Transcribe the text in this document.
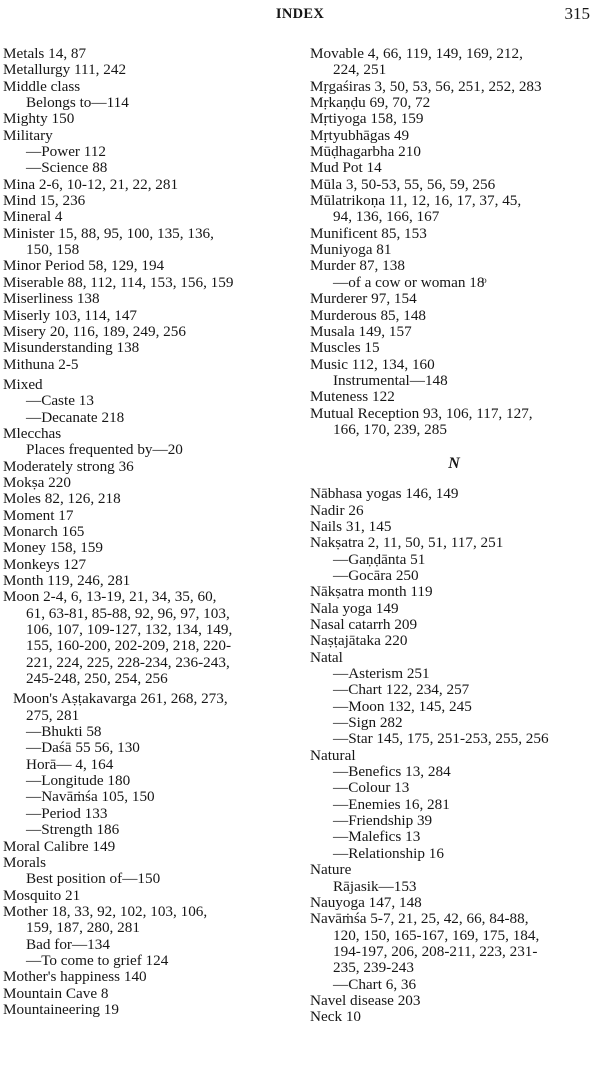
INDEX	315
Metals 14, 87
Metallurgy 111, 242
Middle class
Belongs to—114
Mighty 150
Military
—Power 112
—Science 88
Mina 2-6, 10-12, 21, 22, 281
Mind 15, 236
Mineral 4
Minister 15, 88, 95, 100, 135, 136,
150, 158
Minor Period 58, 129, 194
Miserable 88, 112, 114, 153, 156, 159
Miserliness 138
Miserly 103, 114, 147
Misery 20, 116, 189, 249, 256
Misunderstanding 138
Mithuna 2-5
Mixed
—Caste 13
—Decanate 218
Mlecchas
Places frequented by—20
Moderately strong 36
Mokṣa 220
Moles 82, 126, 218
Moment 17
Monarch 165
Money 158, 159
Monkeys 127
Month 119, 246, 281
Moon 2-4, 6, 13-19, 21, 34, 35, 60,
61, 63-81, 85-88, 92, 96, 97, 103,
106, 107, 109-127, 132, 134, 149,
155, 160-200, 202-209, 218, 220-
221, 224, 225, 228-234, 236-243,
245-248, 250, 254, 256
Moon's Aṣṭakavarga 261, 268, 273,
275, 281
—Bhukti 58
—Daśā 55 56, 130
Horā— 4, 164
—Longitude 180
—Navāṁśa 105, 150
—Period 133
—Strength 186
Moral Calibre 149
Morals
Best position of—150
Mosquito 21
Mother 18, 33, 92, 102, 103, 106,
159, 187, 280, 281
Bad for—134
—To come to grief 124
Mother's happiness 140
Mountain Cave 8
Mountaineering 19
Movable 4, 66, 119, 149, 169, 212,
224, 251
Mṛgaśiras 3, 50, 53, 56, 251, 252, 283
Mṛkaṇḍu 69, 70, 72
Mṛtiyoga 158, 159
Mṛtyubhāgas 49
Mūḍhagarbha 210
Mud Pot 14
Mūla 3, 50-53, 55, 56, 59, 256
Mūlatrikoṇa 11, 12, 16, 17, 37, 45,
94, 136, 166, 167
Munificent 85, 153
Muniyoga 81
Murder 87, 138
—of a cow or woman 18ͦ
Murderer 97, 154
Murderous 85, 148
Musala 149, 157
Muscles 15
Music 112, 134, 160
Instrumental—148
Muteness 122
Mutual Reception 93, 106, 117, 127,
166, 170, 239, 285
N
Nābhasa yogas 146, 149
Nadir 26
Nails 31, 145
Nakṣatra 2, 11, 50, 51, 117, 251
—Gaṇḍānta 51
—Gocāra 250
Nākṣatra month 119
Nala yoga 149
Nasal catarrh 209
Naṣṭajātaka 220
Natal
—Asterism 251
—Chart 122, 234, 257
—Moon 132, 145, 245
—Sign 282
—Star 145, 175, 251-253, 255, 256
Natural
—Benefics 13, 284
—Colour 13
—Enemies 16, 281
—Friendship 39
—Malefics 13
—Relationship 16
Nature
Rājasik—153
Nauyoga 147, 148
Navāṁśa 5-7, 21, 25, 42, 66, 84-88,
120, 150, 165-167, 169, 175, 184,
194-197, 206, 208-211, 223, 231-
235, 239-243
—Chart 6, 36
Navel disease 203
Neck 10
